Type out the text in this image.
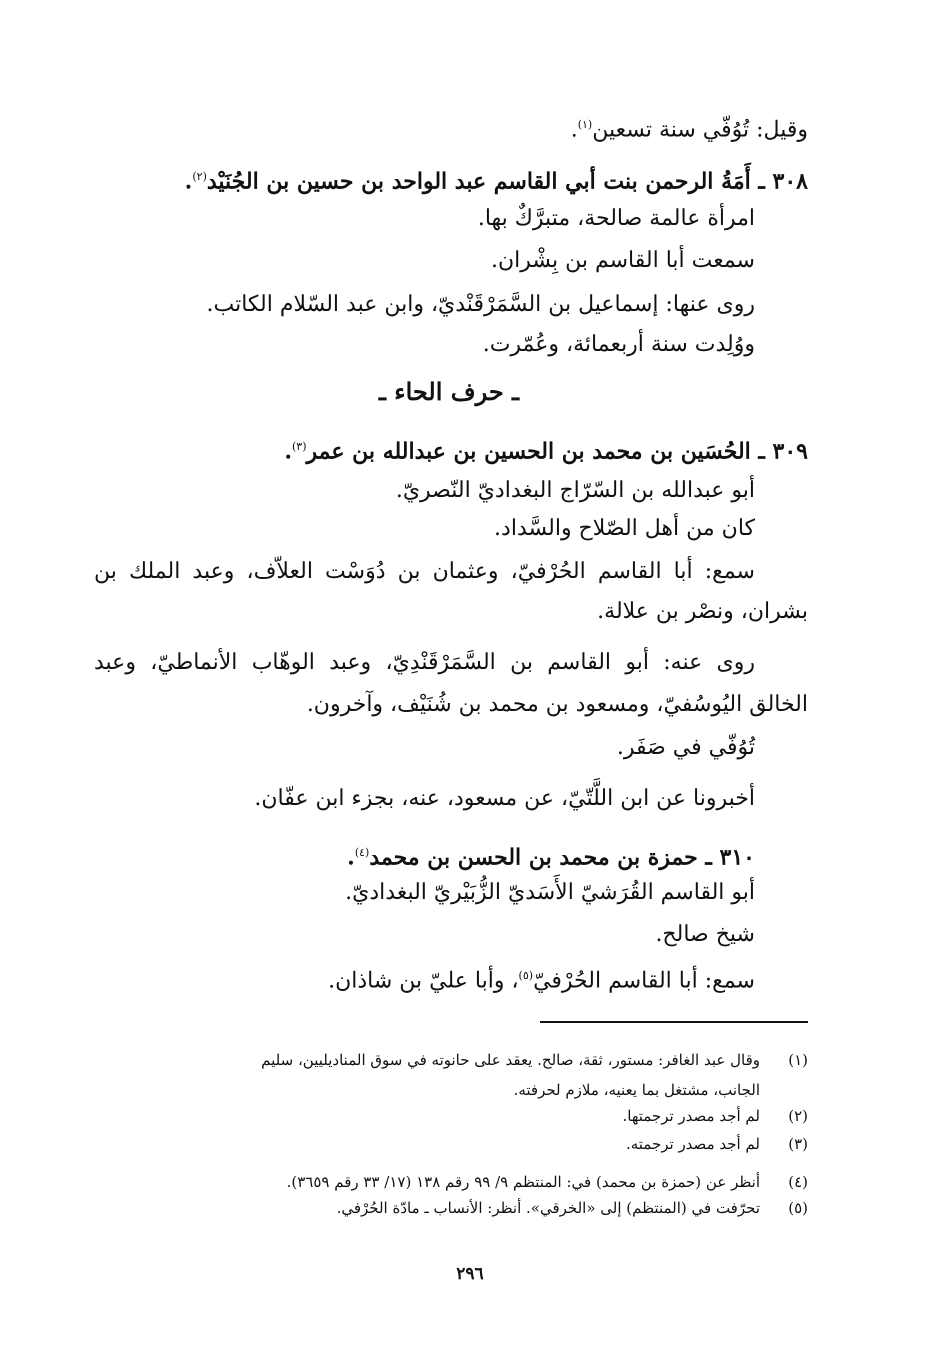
وقيل: تُوُفّي سنة تسعين$^{(١)}$.
٣٠٨ ـ أَمَةُ الرحمن بنت أبي القاسم عبد الواحد بن حسين بن الجُنَيْد$^{(٢)}$.
امرأة عالمة صالحة، متبرَّكٌ بها.
سمعت أبا القاسم بن بِشْران.
روى عنها: إسماعيل بن السَّمَرْقَنْديّ، وابن عبد السّلام الكاتب.
ووُلِدت سنة أربعمائة، وعُمّرت.
ـ حرف الحاء ـ
٣٠٩ ـ الحُسَين بن محمد بن الحسين بن عبدالله بن عمر$^{(٣)}$.
أبو عبدالله بن السّرّاج البغداديّ النّصريّ.
كان من أهل الصّلاح والسَّداد.
سمع: أبا القاسم الحُرْفيّ، وعثمان بن دُوَسْت العلاّف، وعبد الملك بن
بشران، ونصْر بن علالة.
روى عنه: أبو القاسم بن السَّمَرْقَنْدِيّ، وعبد الوهّاب الأنماطيّ، وعبد
الخالق اليُوسُفيّ، ومسعود بن محمد بن شُنَيْف، وآخرون.
تُوُفّي في صَفَر.
أخبرونا عن ابن اللَّتّيّ، عن مسعود، عنه، بجزء ابن عفّان.
٣١٠ ـ حمزة بن محمد بن الحسن بن محمد$^{(٤)}$.
أبو القاسم القُرَشيّ الأَسَديّ الزُّبَيْريّ البغداديّ.
شيخ صالح.
سمع: أبا القاسم الحُرْفيّ$^{(٥)}$، وأبا عليّ بن شاذان.
(١)وقال عبد الغافر: مستور، ثقة، صالح. يعقد على حانوته في سوق المناديليين، سليم
الجانب، مشتغل بما يعنيه، ملازم لحرفته.
(٢)لم أجد مصدر ترجمتها.
(٣)لم أجد مصدر ترجمته.
(٤)أنظر عن (حمزة بن محمد) في: المنتظم ٩/ ٩٩ رقم ١٣٨ (١٧/ ٣٣ رقم ٣٦٥٩).
(٥)تحرّفت في (المنتظم) إلى «الخرقي». أنظر: الأنساب ـ مادّة الحُرْفي.
٢٩٦
